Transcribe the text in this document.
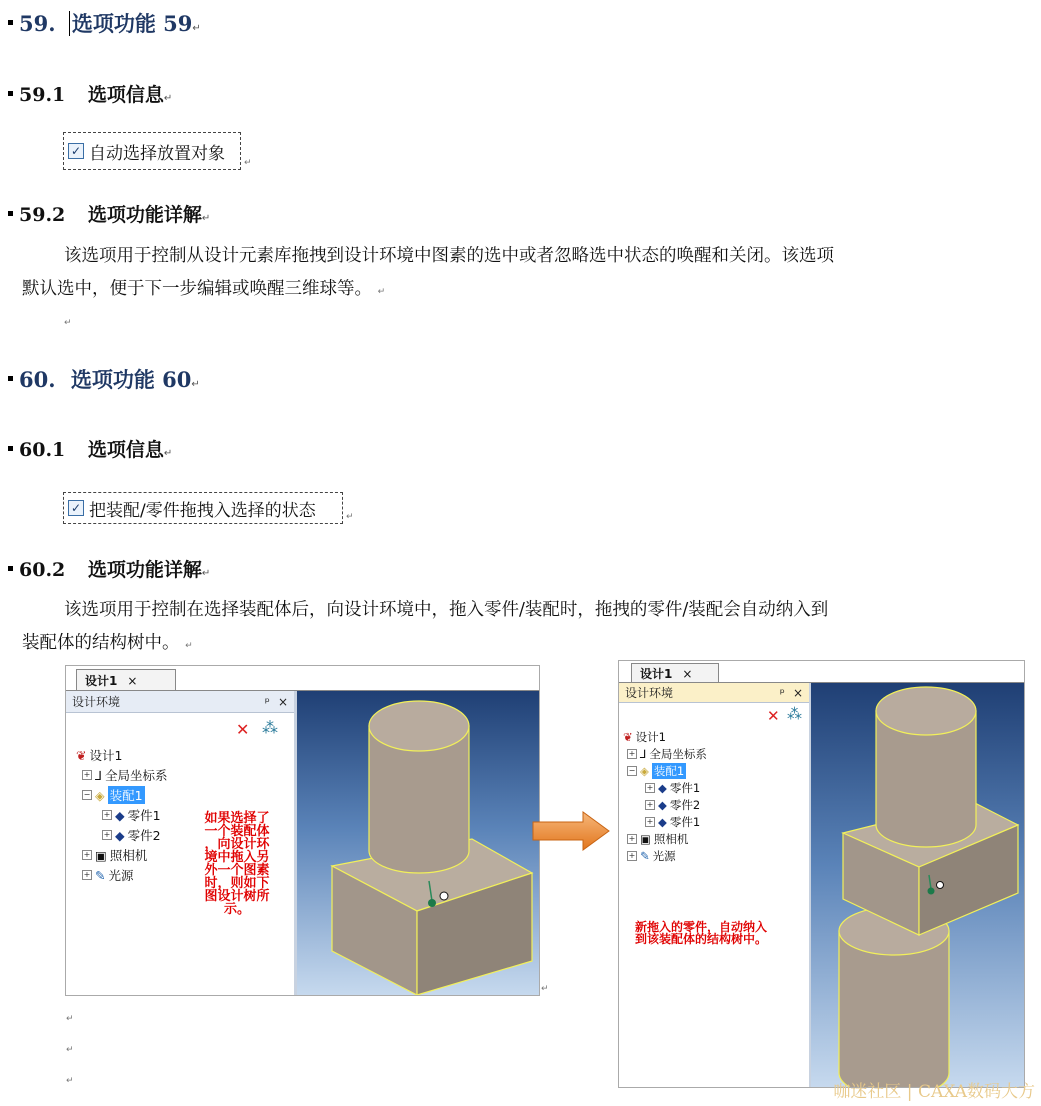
59. 选项功能 59↵
59.1 选项信息↵
✓ 自动选择放置对象 ↵
59.2 选项功能详解↵
该选项用于控制从设计元素库拖拽到设计环境中图素的选中或者忽略选中状态的唤醒和关闭。该选项
默认选中，便于下一步编辑或唤醒三维球等。 ↵
↵
60. 选项功能 60↵
60.1 选项信息↵
✓ 把装配/零件拖拽入选择的状态	↵
60.2 选项功能详解↵
该选项用于控制在选择装配体后，向设计环境中，拖入零件/装配时，拖拽的零件/装配会自动纳入到
装配体的结构树中。 ↵
设计1 ×
设计环境	ᵖ ×
✕ ⁂
❦ 设计1
+ ⅃ 全局坐标系
− ◈ 装配1
+ ◆ 零件1
+ ◆ 零件2
+ ▣ 照相机
+ ✎ 光源
如果选择了
一个装配体
，向设计环
境中拖入另
外一个图素
时，则如下
图设计树所
示。
↵
设计1 ×
设计环境	ᵖ ×
✕ ⁂
❦ 设计1
+ ⅃ 全局坐标系
− ◈ 装配1
+ ◆ 零件1
+ ◆ 零件2
+ ◆ 零件1
+ ▣ 照相机
+ ✎ 光源
新拖入的零件，自动纳入
到该装配体的结构树中。
↵
↵
↵
咖迷社区 | CAXA数码大方
